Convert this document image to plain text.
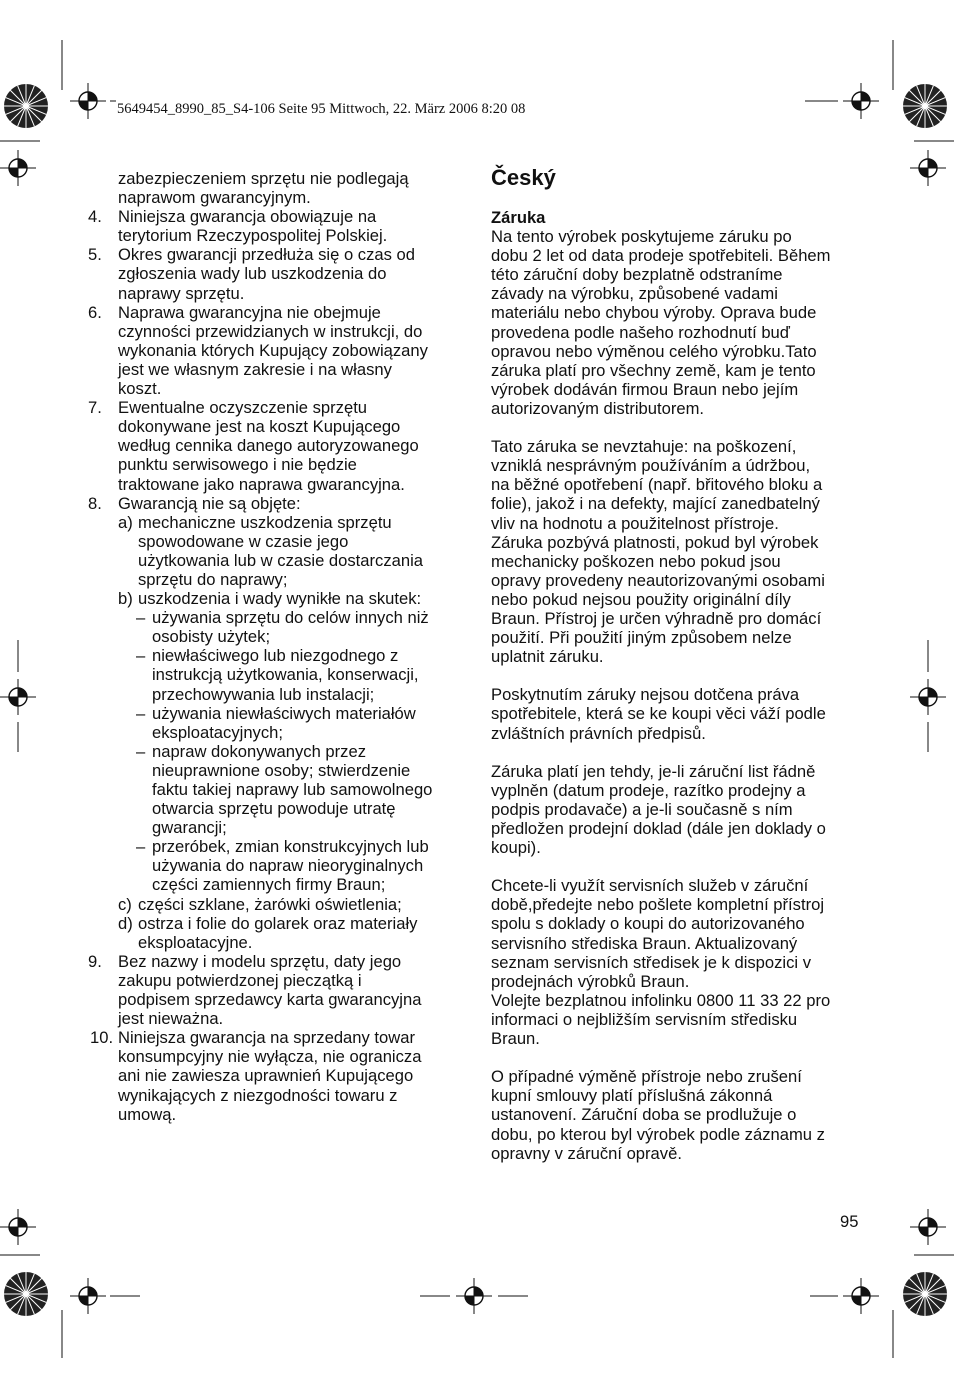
5649454_8990_85_S4-106 Seite 95 Mittwoch, 22. März 2006 8:20 08
zabezpieczeniem sprzętu nie podlegają
naprawom gwarancyjnym.
4. Niniejsza gwarancja obowiązuje na
terytorium Rzeczypospolitej Polskiej.
5. Okres gwarancji przedłuża się o czas od
zgłoszenia wady lub uszkodzenia do
naprawy sprzętu.
6. Naprawa gwarancyjna nie obejmuje
czynności przewidzianych w instrukcji, do
wykonania których Kupujący zobowiązany
jest we własnym zakresie i na własny
koszt.
7. Ewentualne oczyszczenie sprzętu
dokonywane jest na koszt Kupującego
według cennika danego autoryzowanego
punktu serwisowego i nie będzie
traktowane jako naprawa gwarancyjna.
8. Gwarancją nie są objęte:
a) mechaniczne uszkodzenia sprzętu
spowodowane w czasie jego
użytkowania lub w czasie dostarczania
sprzętu do naprawy;
b) uszkodzenia i wady wynikłe na skutek:
– używania sprzętu do celów innych niż
osobisty użytek;
– niewłaściwego lub niezgodnego z
instrukcją użytkowania, konserwacji,
przechowywania lub instalacji;
– używania niewłaściwych materiałów
eksploatacyjnych;
– napraw dokonywanych przez
nieuprawnione osoby; stwierdzenie
faktu takiej naprawy lub samowolnego
otwarcia sprzętu powoduje utratę
gwarancji;
– przeróbek, zmian konstrukcyjnych lub
używania do napraw nieoryginalnych
części zamiennych firmy Braun;
c) części szklane, żarówki oświetlenia;
d) ostrza i folie do golarek oraz materiały
eksploatacyjne.
9. Bez nazwy i modelu sprzętu, daty jego
zakupu potwierdzonej pieczątką i
podpisem sprzedawcy karta gwarancyjna
jest nieważna.
10. Niniejsza gwarancja na sprzedany towar
konsumpcyjny nie wyłącza, nie ogranicza
ani nie zawiesza uprawnień Kupującego
wynikających z niezgodności towaru z
umową.
Český
Záruka
Na tento výrobek poskytujeme záruku po
dobu 2 let od data prodeje spotřebiteli. Během
této záruční doby bezplatně odstraníme
závady na výrobku, způsobené vadami
materiálu nebo chybou výroby. Oprava bude
provedena podle našeho rozhodnutí buď
opravou nebo výměnou celého výrobku.Tato
záruka platí pro všechny země, kam je tento
výrobek dodáván firmou Braun nebo jejím
autorizovaným distributorem.
Tato záruka se nevztahuje: na poškození,
vzniklá nesprávným používáním a údržbou,
na běžné opotřebení (např. břitového bloku a
folie), jakož i na defekty, mající zanedbatelný
vliv na hodnotu a použitelnost přístroje.
Záruka pozbývá platnosti, pokud byl výrobek
mechanicky poškozen nebo pokud jsou
opravy provedeny neautorizovanými osobami
nebo pokud nejsou použity originální díly
Braun. Přístroj je určen výhradně pro domácí
použití. Při použití jiným způsobem nelze
uplatnit záruku.
Poskytnutím záruky nejsou dotčena práva
spotřebitele, která se ke koupi věci váží podle
zvláštních právních předpisů.
Záruka platí jen tehdy, je-li záruční list řádně
vyplněn (datum prodeje, razítko prodejny a
podpis prodavače) a je-li současně s ním
předložen prodejní doklad (dále jen doklady o
koupi).
Chcete-li využít servisních služeb v záruční
době,předejte nebo pošlete kompletní přístroj
spolu s doklady o koupi do autorizovaného
servisního střediska Braun. Aktualizovaný
seznam servisních středisek je k dispozici v
prodejnách výrobků Braun.
Volejte bezplatnou infolinku 0800 11 33 22 pro
informaci o nejbližším servisním středisku
Braun.
O případné výměně přístroje nebo zrušení
kupní smlouvy platí příslušná zákonná
ustanovení. Záruční doba se prodlužuje o
dobu, po kterou byl výrobek podle záznamu z
opravny v záruční opravě.
95
